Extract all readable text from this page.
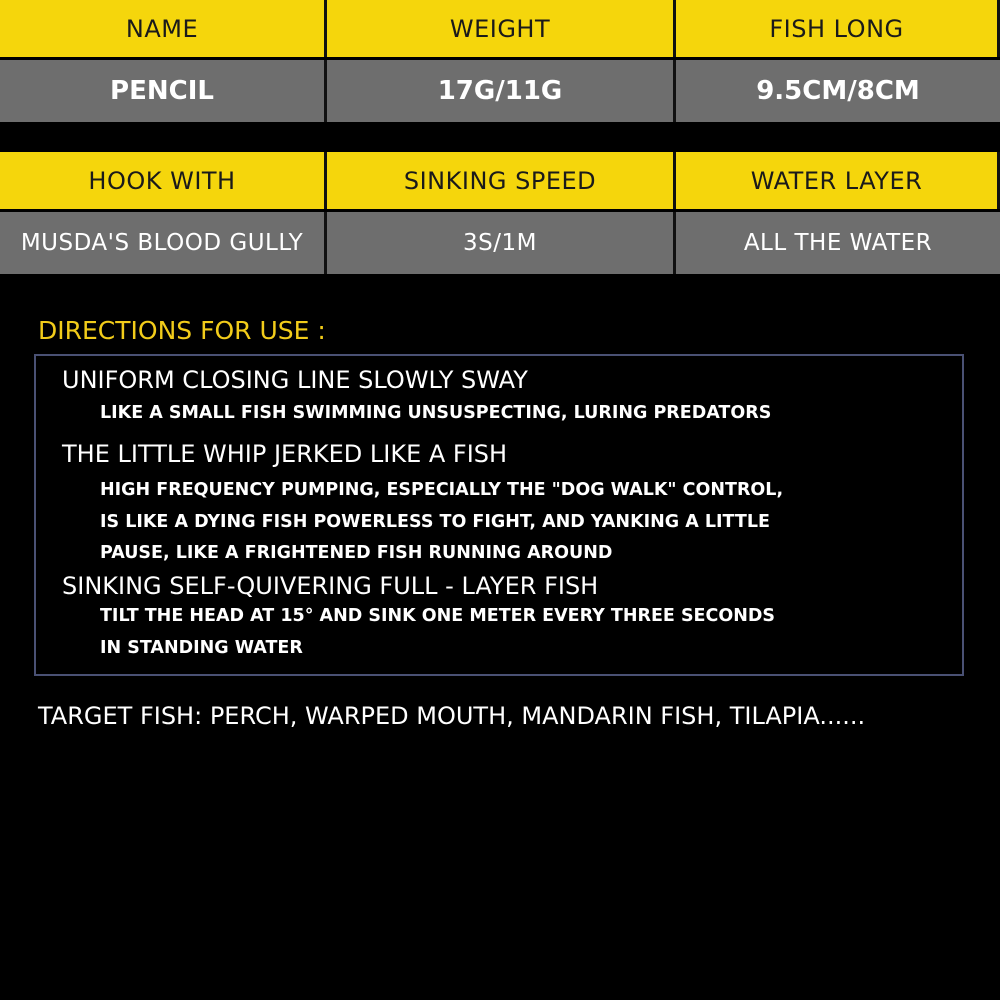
NAME	WEIGHT	FISH LONG
PENCIL	17G/11G	9.5CM/8CM
HOOK WITH	SINKING SPEED	WATER LAYER
MUSDA'S BLOOD GULLY	3S/1M	ALL THE WATER
DIRECTIONS FOR USE :
UNIFORM CLOSING LINE SLOWLY SWAY
LIKE A SMALL FISH SWIMMING UNSUSPECTING, LURING PREDATORS
THE LITTLE WHIP JERKED LIKE A FISH
HIGH FREQUENCY PUMPING, ESPECIALLY THE "DOG WALK" CONTROL,
IS LIKE A DYING FISH POWERLESS TO FIGHT, AND YANKING A LITTLE
PAUSE, LIKE A FRIGHTENED FISH RUNNING AROUND
SINKING SELF-QUIVERING FULL - LAYER FISH
TILT THE HEAD AT 15° AND SINK ONE METER EVERY THREE SECONDS
IN STANDING WATER
TARGET FISH: PERCH, WARPED MOUTH, MANDARIN FISH, TILAPIA......
